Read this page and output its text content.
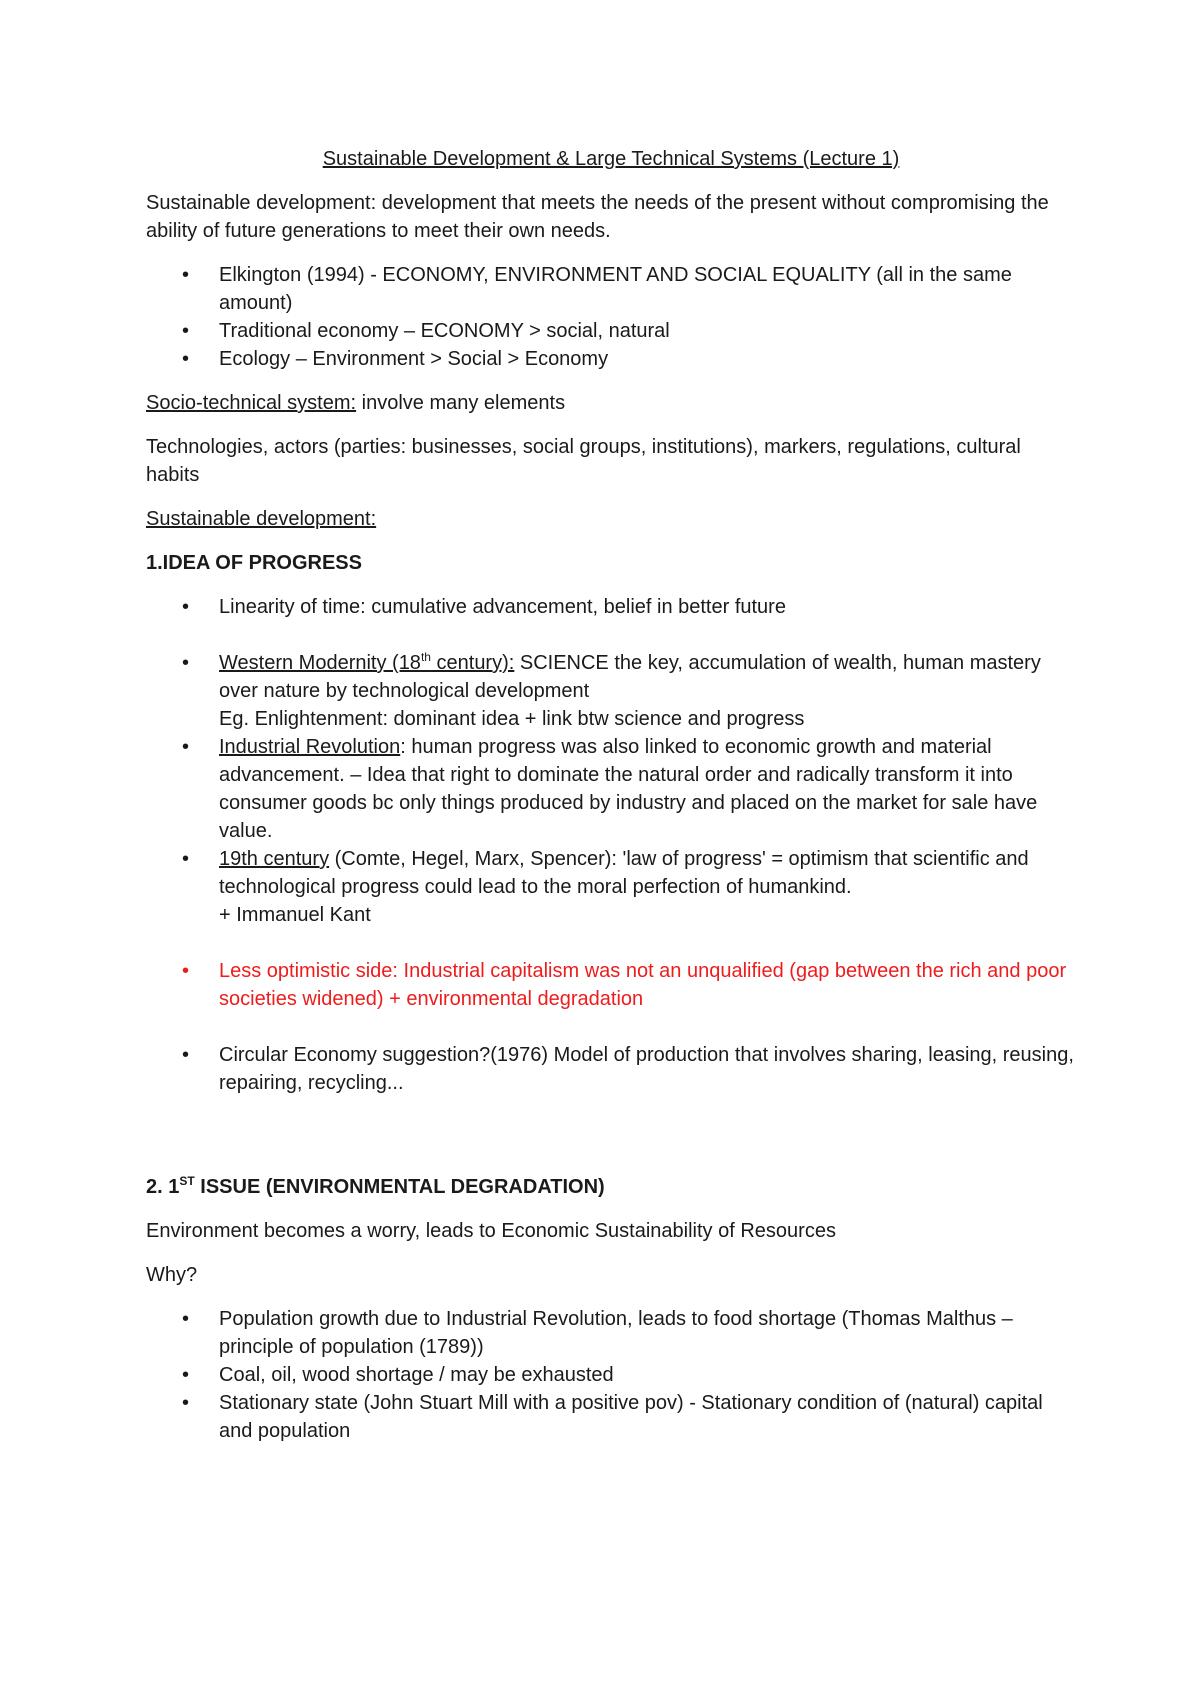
Sustainable Development & Large Technical Systems (Lecture 1)

Sustainable development: development that meets the needs of the present without compromising the ability of future generations to meet their own needs.

• Elkington (1994) - ECONOMY, ENVIRONMENT AND SOCIAL EQUALITY (all in the same amount)
• Traditional economy – ECONOMY > social, natural
• Ecology – Environment > Social > Economy

Socio-technical system: involve many elements

Technologies, actors (parties: businesses, social groups, institutions), markers, regulations, cultural habits

Sustainable development:

1.IDEA OF PROGRESS

• Linearity of time: cumulative advancement, belief in better future
• Western Modernity (18th century): SCIENCE the key, accumulation of wealth, human mastery over nature by technological development
Eg. Enlightenment: dominant idea + link btw science and progress
• Industrial Revolution: human progress was also linked to economic growth and material advancement. – Idea that right to dominate the natural order and radically transform it into consumer goods bc only things produced by industry and placed on the market for sale have value.
• 19th century (Comte, Hegel, Marx, Spencer): 'law of progress' = optimism that scientific and technological progress could lead to the moral perfection of humankind.
+ Immanuel Kant
• Less optimistic side: Industrial capitalism was not an unqualified (gap between the rich and poor societies widened) + environmental degradation
• Circular Economy suggestion?(1976) Model of production that involves sharing, leasing, reusing, repairing, recycling...

2. 1ST ISSUE (ENVIRONMENTAL DEGRADATION)

Environment becomes a worry, leads to Economic Sustainability of Resources

Why?

• Population growth due to Industrial Revolution, leads to food shortage (Thomas Malthus – principle of population (1789))
• Coal, oil, wood shortage / may be exhausted
• Stationary state (John Stuart Mill with a positive pov) - Stationary condition of (natural) capital and population
